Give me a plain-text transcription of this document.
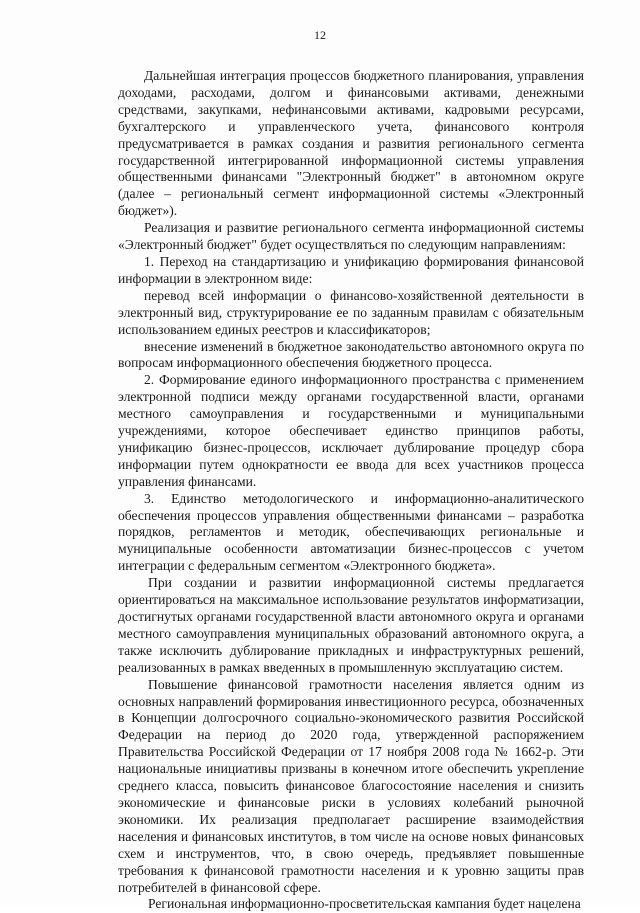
12

Дальнейшая интеграция процессов бюджетного планирования, управления доходами, расходами, долгом и финансовыми активами, денежными средствами, закупками, нефинансовыми активами, кадровыми ресурсами, бухгалтерского и управленческого учета, финансового контроля предусматривается в рамках создания и развития регионального сегмента государственной интегрированной информационной системы управления общественными финансами "Электронный бюджет" в автономном округе (далее – региональный сегмент информационной системы «Электронный бюджет»).

Реализация и развитие регионального сегмента информационной системы «Электронный бюджет" будет осуществляться по следующим направлениям:

1. Переход на стандартизацию и унификацию формирования финансовой информации в электронном виде:

перевод всей информации о финансово-хозяйственной деятельности в электронный вид, структурирование ее по заданным правилам с обязательным использованием единых реестров и классификаторов;

внесение изменений в бюджетное законодательство автономного округа по вопросам информационного обеспечения бюджетного процесса.

2. Формирование единого информационного пространства с применением электронной подписи между органами государственной власти, органами местного самоуправления и государственными и муниципальными учреждениями, которое обеспечивает единство принципов работы, унификацию бизнес-процессов, исключает дублирование процедур сбора информации путем однократности ее ввода для всех участников процесса управления финансами.

3. Единство методологического и информационно-аналитического обеспечения процессов управления общественными финансами – разработка порядков, регламентов и методик, обеспечивающих региональные и муниципальные особенности автоматизации бизнес-процессов с учетом интеграции с федеральным сегментом «Электронного бюджета».

При создании и развитии информационной системы предлагается ориентироваться на максимальное использование результатов информатизации, достигнутых органами государственной власти автономного округа и органами местного самоуправления муниципальных образований автономного округа, а также исключить дублирование прикладных и инфраструктурных решений, реализованных в рамках введенных в промышленную эксплуатацию систем.

Повышение финансовой грамотности населения является одним из основных направлений формирования инвестиционного ресурса, обозначенных в Концепции долгосрочного социально-экономического развития Российской Федерации на период до 2020 года, утвержденной распоряжением Правительства Российской Федерации от 17 ноября 2008 года № 1662-р. Эти национальные инициативы призваны в конечном итоге обеспечить укрепление среднего класса, повысить финансовое благосостояние населения и снизить экономические и финансовые риски в условиях колебаний рыночной экономики. Их реализация предполагает расширение взаимодействия населения и финансовых институтов, в том числе на основе новых финансовых схем и инструментов, что, в свою очередь, предъявляет повышенные требования к финансовой грамотности населения и к уровню защиты прав потребителей в финансовой сфере.

Региональная информационно-просветительская кампания будет нацелена
